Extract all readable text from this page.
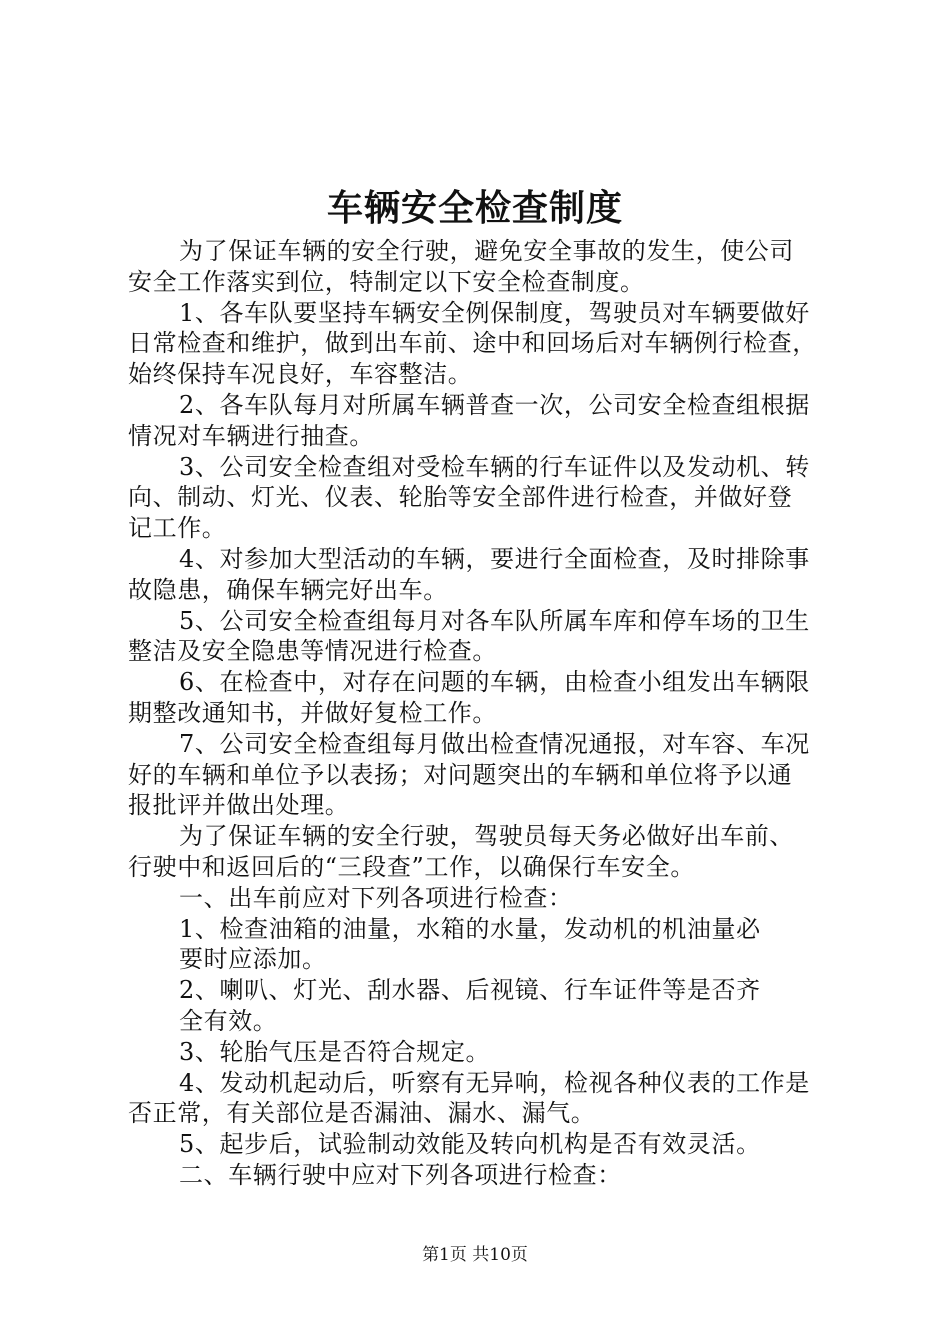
车辆安全检查制度
为了保证车辆的安全行驶，避免安全事故的发生，使公司
安全工作落实到位，特制定以下安全检查制度。
1、各车队要坚持车辆安全例保制度，驾驶员对车辆要做好
日常检查和维护，做到出车前、途中和回场后对车辆例行检查，
始终保持车况良好，车容整洁。
2、各车队每月对所属车辆普查一次，公司安全检查组根据
情况对车辆进行抽查。
3、公司安全检查组对受检车辆的行车证件以及发动机、转
向、制动、灯光、仪表、轮胎等安全部件进行检查，并做好登
记工作。
4、对参加大型活动的车辆，要进行全面检查，及时排除事
故隐患，确保车辆完好出车。
5、公司安全检查组每月对各车队所属车库和停车场的卫生
整洁及安全隐患等情况进行检查。
6、在检查中，对存在问题的车辆，由检查小组发出车辆限
期整改通知书，并做好复检工作。
7、公司安全检查组每月做出检查情况通报，对车容、车况
好的车辆和单位予以表扬；对问题突出的车辆和单位将予以通
报批评并做出处理。
为了保证车辆的安全行驶，驾驶员每天务必做好出车前、
行驶中和返回后的“三段查”工作，以确保行车安全。
一、出车前应对下列各项进行检查：
1、检查油箱的油量，水箱的水量，发动机的机油量必
要时应添加。
2、喇叭、灯光、刮水器、后视镜、行车证件等是否齐
全有效。
3、轮胎气压是否符合规定。
4、发动机起动后，听察有无异响，检视各种仪表的工作是
否正常，有关部位是否漏油、漏水、漏气。
5、起步后，试验制动效能及转向机构是否有效灵活。
二、车辆行驶中应对下列各项进行检查：
第1页 共10页
